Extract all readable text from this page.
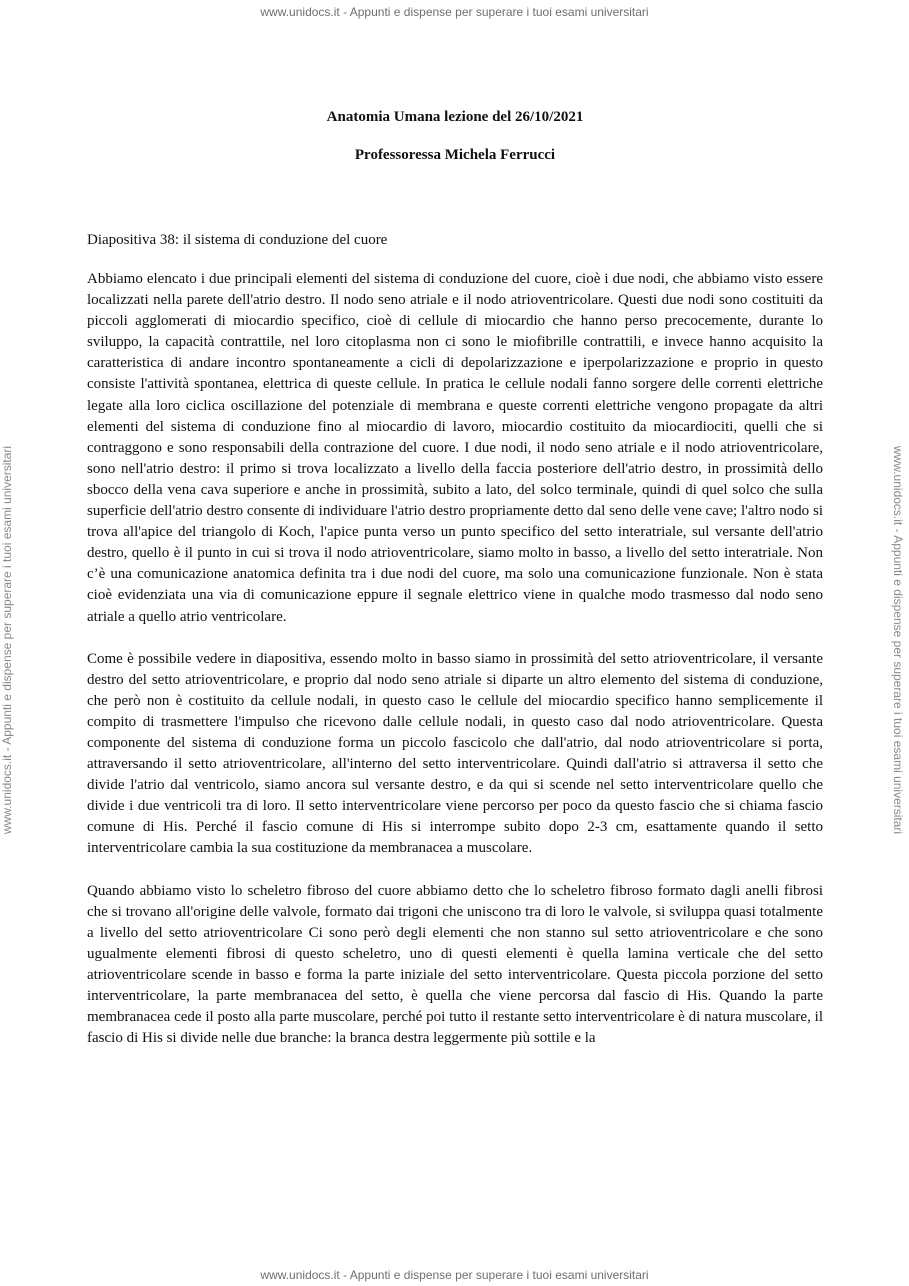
www.unidocs.it - Appunti e dispense per superare i tuoi esami universitari
www.unidocs.it - Appunti e dispense per superare i tuoi esami universitari
www.unidocs.it - Appunti e dispense per superare i tuoi esami universitari	www.unidocs.it - Appunti e dispense per superare i tuoi esami universitari
Anatomia Umana lezione del 26/10/2021
Professoressa Michela Ferrucci
Diapositiva 38: il sistema di conduzione del cuore

Abbiamo elencato i due principali elementi del sistema di conduzione del cuore, cioè i due nodi, che abbiamo visto essere localizzati nella parete dell'atrio destro. Il nodo seno atriale e il nodo atrioventricolare. Questi due nodi sono costituiti da piccoli agglomerati di miocardio specifico, cioè di cellule di miocardio che hanno perso precocemente, durante lo sviluppo, la capacità contrattile, nel loro citoplasma non ci sono le miofibrille contrattili, e invece hanno acquisito la caratteristica di andare incontro spontaneamente a cicli di depolarizzazione e iperpolarizzazione e proprio in questo consiste l'attività spontanea, elettrica di queste cellule. In pratica le cellule nodali fanno sorgere delle correnti elettriche legate alla loro ciclica oscillazione del potenziale di membrana e queste correnti elettriche vengono propagate da altri elementi del sistema di conduzione fino al miocardio di lavoro, miocardio costituito da miocardiociti, quelli che si contraggono e sono responsabili della contrazione del cuore. I due nodi, il nodo seno atriale e il nodo atrioventricolare, sono nell'atrio destro: il primo si trova localizzato a livello della faccia posteriore dell'atrio destro, in prossimità dello sbocco della vena cava superiore e anche in prossimità, subito a lato, del solco terminale, quindi di quel solco che sulla superficie dell'atrio destro consente di individuare l'atrio destro propriamente detto dal seno delle vene cave; l'altro nodo si trova all'apice del triangolo di Koch, l'apice punta verso un punto specifico del setto interatriale, sul versante dell'atrio destro, quello è il punto in cui si trova il nodo atrioventricolare, siamo molto in basso, a livello del setto interatriale. Non c’è una comunicazione anatomica definita tra i due nodi del cuore, ma solo una comunicazione funzionale. Non è stata cioè evidenziata una via di comunicazione eppure il segnale elettrico viene in qualche modo trasmesso dal nodo seno atriale a quello atrio ventricolare.

Come è possibile vedere in diapositiva, essendo molto in basso siamo in prossimità del setto atrioventricolare, il versante destro del setto atrioventricolare, e proprio dal nodo seno atriale si diparte un altro elemento del sistema di conduzione, che però non è costituito da cellule nodali, in questo caso le cellule del miocardio specifico hanno semplicemente il compito di trasmettere l'impulso che ricevono dalle cellule nodali, in questo caso dal nodo atrioventricolare. Questa componente del sistema di conduzione forma un piccolo fascicolo che dall'atrio, dal nodo atrioventricolare si porta, attraversando il setto atrioventricolare, all'interno del setto interventricolare. Quindi dall'atrio si attraversa il setto che divide l'atrio dal ventricolo, siamo ancora sul versante destro, e da qui si scende nel setto interventricolare quello che divide i due ventricoli tra di loro. Il setto interventricolare viene percorso per poco da questo fascio che si chiama fascio comune di His. Perché il fascio comune di His si interrompe subito dopo 2-3 cm, esattamente quando il setto interventricolare cambia la sua costituzione da membranacea a muscolare.

Quando abbiamo visto lo scheletro fibroso del cuore abbiamo detto che lo scheletro fibroso formato dagli anelli fibrosi che si trovano all'origine delle valvole, formato dai trigoni che uniscono tra di loro le valvole, si sviluppa quasi totalmente a livello del setto atrioventricolare Ci sono però degli elementi che non stanno sul setto atrioventricolare e che sono ugualmente elementi fibrosi di questo scheletro, uno di questi elementi è quella lamina verticale che del setto atrioventricolare scende in basso e forma la parte iniziale del setto interventricolare. Questa piccola porzione del setto interventricolare, la parte membranacea del setto, è quella che viene percorsa dal fascio di His. Quando la parte membranacea cede il posto alla parte muscolare, perché poi tutto il restante setto interventricolare è di natura muscolare, il fascio di His si divide nelle due branche: la branca destra leggermente più sottile e la
